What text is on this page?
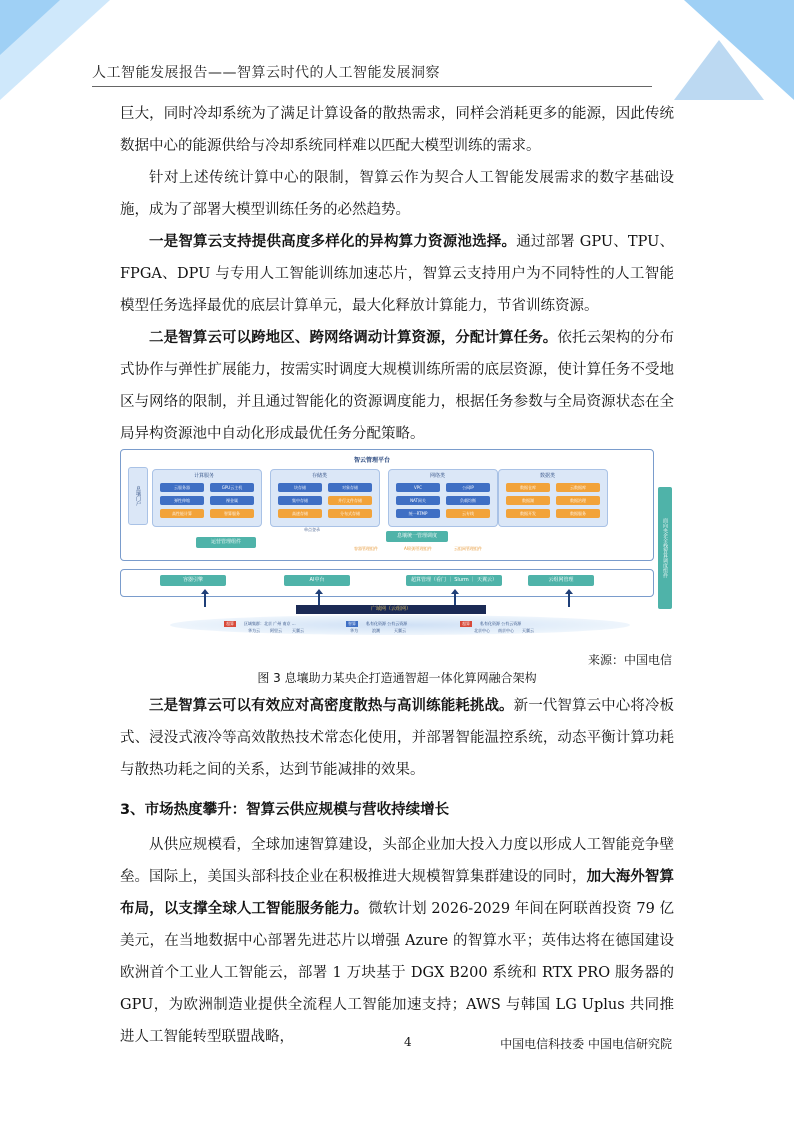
人工智能发展报告——智算云时代的人工智能发展洞察

巨大，同时冷却系统为了满足计算设备的散热需求，同样会消耗更多的能源，因此传统数据中心的能源供给与冷却系统同样难以匹配大模型训练的需求。

针对上述传统计算中心的限制，智算云作为契合人工智能发展需求的数字基础设施，成为了部署大模型训练任务的必然趋势。

一是智算云支持提供高度多样化的异构算力资源池选择。通过部署 GPU、TPU、FPGA、DPU 与专用人工智能训练加速芯片，智算云支持用户为不同特性的人工智能模型任务选择最优的底层计算单元，最大化释放计算能力，节省训练资源。

二是智算云可以跨地区、跨网络调动计算资源，分配计算任务。依托云架构的分布式协作与弹性扩展能力，按需实时调度大规模训练所需的底层资源，使计算任务不受地区与网络的限制，并且通过智能化的资源调度能力，根据任务参数与全局资源状态在全局异构资源池中自动化形成最优任务分配策略。

智云管理平台
息壤门户
计算服务
云服务器	GPU云主机
弹性伸缩	裸金属
高性能计算	智算服务
存储类
块存储	对象存储
集中存储	并行文件存储
高速存储	分布式存储
网络类
VPC	公网IP
NAT网关	负载均衡
统一RTMP	云专线
数据类
数据仓库	云数据库
数据湖	数据治理
数据开发	数据服务
运营管理组件
单点登录
息壤统一管理调度
容器管理组件	AI资源管理组件	云组网管理组件
容器引擎	AI中台	超算管理（看门 ｜ Slurm ｜ 天翼云）	云组网管理
面向央企全栈智算调度组件
广域网（云组网）
超算	区域集群：北京 广州 南京 ...	智算	私有化资源 公有云资源	超算	私有化资源 公有云资源
华为云	阿里云	天翼云	华为	浪潮	天翼云	北京中心 南京中心 天翼云
来源：中国电信
图 3 息壤助力某央企打造通智超一体化算网融合架构

三是智算云可以有效应对高密度散热与高训练能耗挑战。新一代智算云中心将冷板式、浸没式液冷等高效散热技术常态化使用，并部署智能温控系统，动态平衡计算功耗与散热功耗之间的关系，达到节能减排的效果。

3、市场热度攀升：智算云供应规模与营收持续增长

从供应规模看，全球加速智算建设，头部企业加大投入力度以形成人工智能竞争壁垒。 国际上，美国头部科技企业在积极推进大规模智算集群建设的同时，加大海外智算布局，以支撑全球人工智能服务能力。微软计划 2026-2029 年间在阿联酋投资 79 亿美元，在当地数据中心部署先进芯片以增强 Azure 的智算水平；英伟达将在德国建设欧洲首个工业人工智能云，部署 1 万块基于 DGX B200 系统和 RTX PRO 服务器的 GPU，为欧洲制造业提供全流程人工智能加速支持；AWS 与韩国 LG Uplus 共同推进人工智能转型联盟战略，	4	中国电信科技委 中国电信研究院
